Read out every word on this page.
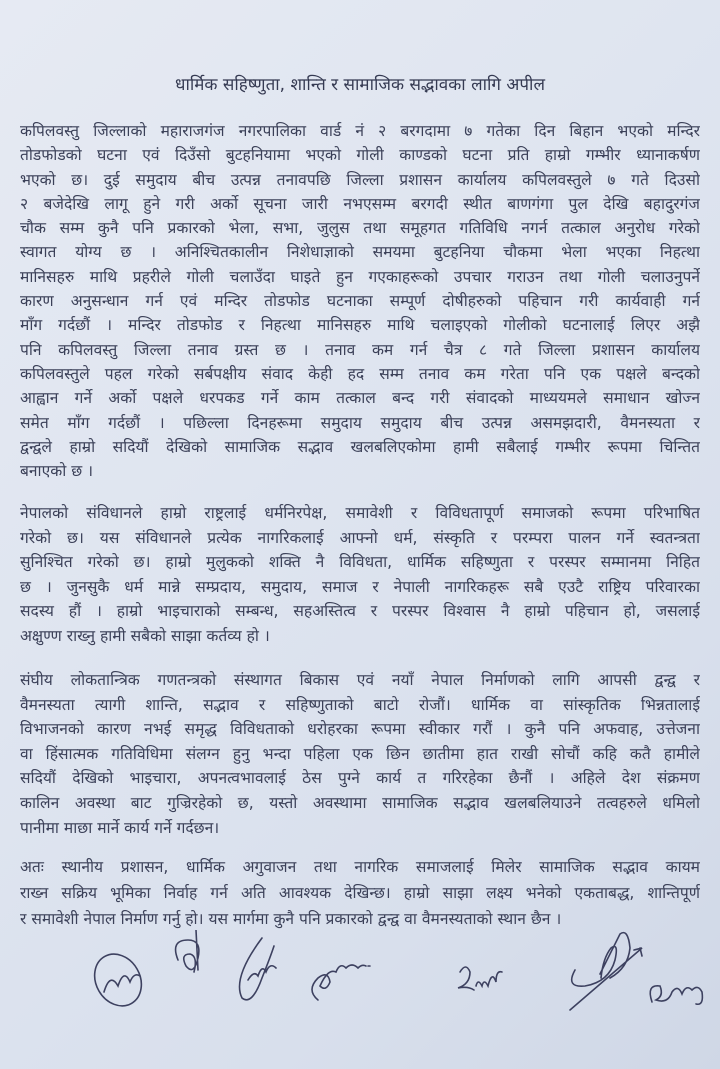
धार्मिक सहिष्णुता, शान्ति र सामाजिक सद्भावका लागि अपील
कपिलवस्तु जिल्लाको महाराजगंज नगरपालिका वार्ड नं २ बरगदामा ७ गतेका दिन बिहान भएको मन्दिर
तोडफोडको घटना एवं दिउँसो बुटहनियामा भएको गोली काण्डको घटना प्रति हाम्रो गम्भीर ध्यानाकर्षण
भएको छ। दुई समुदाय बीच उत्पन्न तनावपछि जिल्ला प्रशासन कार्यालय कपिलवस्तुले ७ गते दिउसो
२ बजेदेखि लागू हुने गरी अर्को सूचना जारी नभएसम्म बरगदी स्थीत बाणगंगा पुल देखि बहादुरगंज
चौक सम्म कुनै पनि प्रकारको भेला, सभा, जुलुस तथा समूहगत गतिविधि नगर्न तत्काल अनुरोध गरेको
स्वागत योग्य छ । अनिश्चितकालीन निशेधाज्ञाको समयमा बुटहनिया चौकमा भेला भएका निहत्था
मानिसहरु माथि प्रहरीले गोली चलाउँदा घाइते हुन गएकाहरूको उपचार गराउन तथा गोली चलाउनुपर्ने
कारण अनुसन्धान गर्न एवं मन्दिर तोडफोड घटनाका सम्पूर्ण दोषीहरुको पहिचान गरी कार्यवाही गर्न
माँग गर्दछौं । मन्दिर तोडफोड र निहत्था मानिसहरु माथि चलाइएको गोलीको घटनालाई लिएर अझै
पनि कपिलवस्तु जिल्ला तनाव ग्रस्त छ । तनाव कम गर्न चैत्र ८ गते जिल्ला प्रशासन कार्यालय
कपिलवस्तुले पहल गरेको सर्बपक्षीय संवाद केही हद सम्म तनाव कम गरेता पनि एक पक्षले बन्दको
आह्वान गर्ने अर्को पक्षले धरपकड गर्ने काम तत्काल बन्द गरी संवादको माध्ययमले समाधान खोज्न
समेत माँग गर्दछौं । पछिल्ला दिनहरूमा समुदाय समुदाय बीच उत्पन्न असमझदारी, वैमनस्यता र
द्वन्द्वले हाम्रो सदियौं देखिको सामाजिक सद्भाव खलबलिएकोमा हामी सबैलाई गम्भीर रूपमा चिन्तित
बनाएको छ ।
नेपालको संविधानले हाम्रो राष्ट्रलाई धर्मनिरपेक्ष, समावेशी र विविधतापूर्ण समाजको रूपमा परिभाषित
गरेको छ। यस संविधानले प्रत्येक नागरिकलाई आफ्नो धर्म, संस्कृति र परम्परा पालन गर्ने स्वतन्त्रता
सुनिश्चित गरेको छ। हाम्रो मुलुकको शक्ति नै विविधता, धार्मिक सहिष्णुता र परस्पर सम्मानमा निहित
छ । जुनसुकै धर्म मान्ने सम्प्रदाय, समुदाय, समाज र नेपाली नागरिकहरू सबै एउटै राष्ट्रिय परिवारका
सदस्य हौं । हाम्रो भाइचाराको सम्बन्ध, सहअस्तित्व र परस्पर विश्वास नै हाम्रो पहिचान हो, जसलाई
अक्षुण्ण राख्नु हामी सबैको साझा कर्तव्य हो ।
संघीय लोकतान्त्रिक गणतन्त्रको संस्थागत बिकास एवं नयाँ नेपाल निर्माणको लागि आपसी द्वन्द्व र
वैमनस्यता त्यागी शान्ति, सद्भाव र सहिष्णुताको बाटो रोजौं। धार्मिक वा सांस्कृतिक भिन्नतालाई
विभाजनको कारण नभई समृद्ध विविधताको धरोहरका रूपमा स्वीकार गरौं । कुनै पनि अफवाह, उत्तेजना
वा हिंसात्मक गतिविधिमा संलग्न हुनु भन्दा पहिला एक छिन छातीमा हात राखी सोचौं कहि कतै हामीले
सदियौं देखिको भाइचारा, अपनत्वभावलाई ठेस पुग्ने कार्य त गरिरहेका छैनौं । अहिले देश संक्रमण
कालिन अवस्था बाट गुज्रिरहेको छ, यस्तो अवस्थामा सामाजिक सद्भाव खलबलियाउने तत्वहरुले धमिलो
पानीमा माछा मार्ने कार्य गर्ने गर्दछन।
अतः स्थानीय प्रशासन, धार्मिक अगुवाजन तथा नागरिक समाजलाई मिलेर सामाजिक सद्भाव कायम
राख्न सक्रिय भूमिका निर्वाह गर्न अति आवश्यक देखिन्छ। हाम्रो साझा लक्ष्य भनेको एकताबद्ध, शान्तिपूर्ण
र समावेशी नेपाल निर्माण गर्नु हो। यस मार्गमा कुनै पनि प्रकारको द्वन्द्व वा वैमनस्यताको स्थान छैन ।
